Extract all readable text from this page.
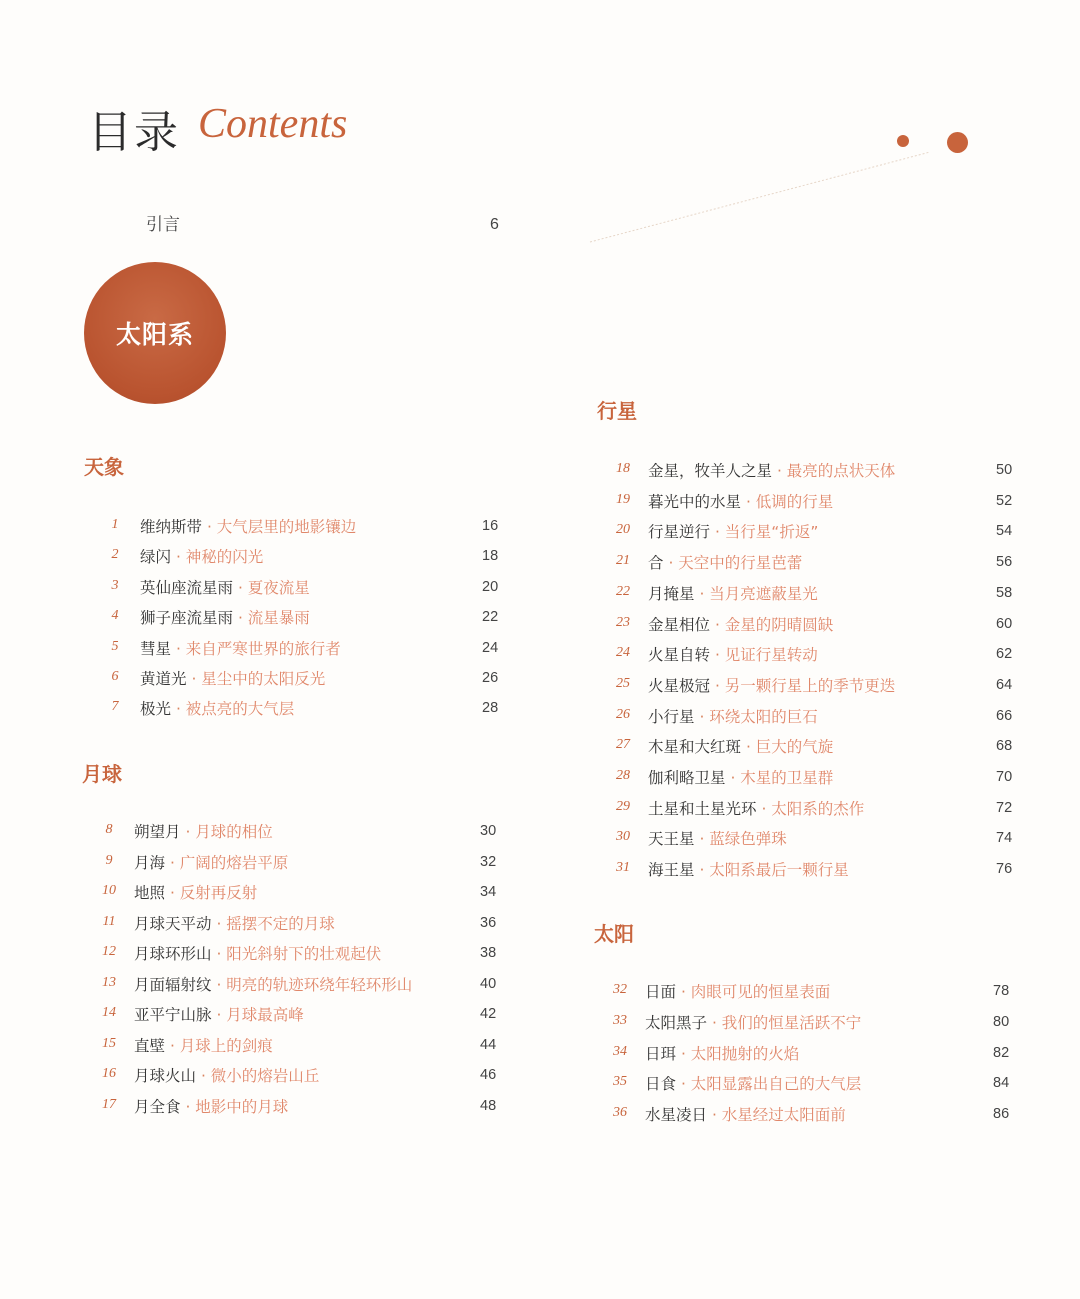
目录 Contents
引言	6
太阳系
天象
月球
行星
太阳
1	维纳斯带 · 大气层里的地影镶边	16
2	绿闪 · 神秘的闪光	18
3	英仙座流星雨 · 夏夜流星	20
4	狮子座流星雨 · 流星暴雨	22
5	彗星 · 来自严寒世界的旅行者	24
6	黄道光 · 星尘中的太阳反光	26
7	极光 · 被点亮的大气层	28
8	朔望月 · 月球的相位	30
9	月海 · 广阔的熔岩平原	32
10 地照 · 反射再反射	34
11 月球天平动 · 摇摆不定的月球	36
12 月球环形山 · 阳光斜射下的壮观起伏	38
13 月面辐射纹 · 明亮的轨迹环绕年轻环形山	40
14 亚平宁山脉 · 月球最高峰	42
15 直壁 · 月球上的剑痕	44
16 月球火山 · 微小的熔岩山丘	46
17 月全食 · 地影中的月球	48
18 金星，牧羊人之星 · 最亮的点状天体	50
19 暮光中的水星 · 低调的行星	52
20 行星逆行 · 当行星“折返”	54
21 合 · 天空中的行星芭蕾	56
22 月掩星 · 当月亮遮蔽星光	58
23 金星相位 · 金星的阴晴圆缺	60
24 火星自转 · 见证行星转动	62
25 火星极冠 · 另一颗行星上的季节更迭	64
26 小行星 · 环绕太阳的巨石	66
27 木星和大红斑 · 巨大的气旋	68
28 伽利略卫星 · 木星的卫星群	70
29 土星和土星光环 · 太阳系的杰作	72
30 天王星 · 蓝绿色弹珠	74
31 海王星 · 太阳系最后一颗行星	76
32 日面 · 肉眼可见的恒星表面	78
33 太阳黑子 · 我们的恒星活跃不宁	80
34 日珥 · 太阳抛射的火焰	82
35 日食 · 太阳显露出自己的大气层	84
36 水星凌日 · 水星经过太阳面前	86
